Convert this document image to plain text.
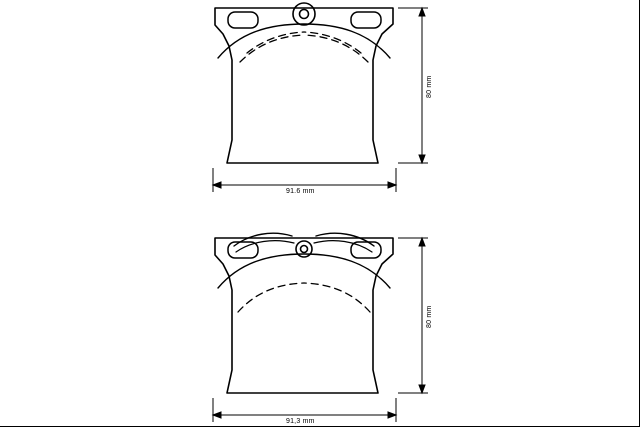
91.6 mm
80 mm
91,3 mm
80 mm
